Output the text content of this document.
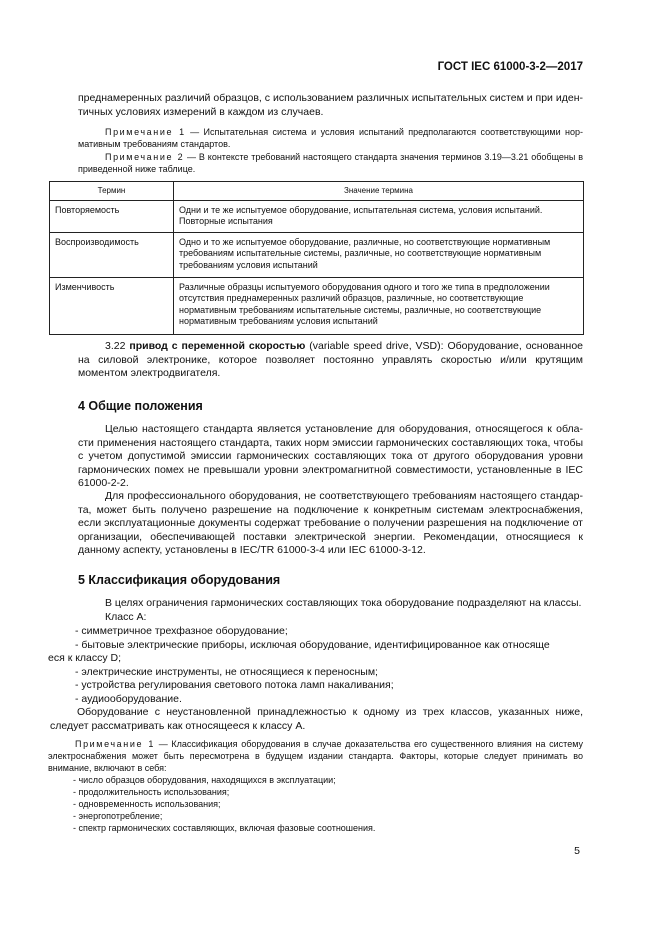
ГОСТ IEC 61000-3-2—2017
преднамеренных различий образцов, с использованием различных испытательных систем и при идентичных условиях измерений в каждом из случаев.
Примечание 1 — Испытательная система и условия испытаний предполагаются соответствующими нормативным требованиям стандартов.
Примечание 2 — В контексте требований настоящего стандарта значения терминов 3.19—3.21 обобщены в приведенной ниже таблице.
Термин	Значение термина
Повторяемость	Одни и те же испытуемое оборудование, испытательная система, условия испытаний. Повторные испытания
Воспроизводимость	Одно и то же испытуемое оборудование, различные, но соответствующие нормативным требованиям испытательные системы, различные, но соответствующие нормативным требованиям условия испытаний
Изменчивость	Различные образцы испытуемого оборудования одного и того же типа в предположении отсутствия преднамеренных различий образцов, различные, но соответствующие нормативным требованиям испытательные системы, различные, но соответствующие нормативным требованиям условия испытаний
3.22 привод с переменной скоростью (variable speed drive, VSD): Оборудование, основанное на силовой электронике, которое позволяет постоянно управлять скоростью и/или крутящим моментом электродвигателя.
4 Общие положения
Целью настоящего стандарта является установление для оборудования, относящегося к области применения настоящего стандарта, таких норм эмиссии гармонических составляющих тока, чтобы с учетом допустимой эмиссии гармонических составляющих тока от другого оборудования уровни гармонических помех не превышали уровни электромагнитной совместимости, установленные в IEC 61000-2-2.
Для профессионального оборудования, не соответствующего требованиям настоящего стандарта, может быть получено разрешение на подключение к конкретным системам электроснабжения, если эксплуатационные документы содержат требование о получении разрешения на подключение от организации, обеспечивающей поставки электрической энергии. Рекомендации, относящиеся к данному аспекту, установлены в IEC/TR 61000-3-4 или IEC 61000-3-12.
5 Классификация оборудования
В целях ограничения гармонических составляющих тока оборудование подразделяют на классы.
Класс А:
- симметричное трехфазное оборудование;
- бытовые электрические приборы, исключая оборудование, идентифицированное как относяще
еся к классу D;
- электрические инструменты, не относящиеся к переносным;
- устройства регулирования светового потока ламп накаливания;
- аудиооборудование.
Оборудование с неустановленной принадлежностью к одному из трех классов, указанных ниже, следует рассматривать как относящееся к классу А.
Примечание 1 — Классификация оборудования в случае доказательства его существенного влияния на систему электроснабжения может быть пересмотрена в будущем издании стандарта. Факторы, которые следует принимать во внимание, включают в себя:
- число образцов оборудования, находящихся в эксплуатации;
- продолжительность использования;
- одновременность использования;
- энергопотребление;
- спектр гармонических составляющих, включая фазовые соотношения.
5
